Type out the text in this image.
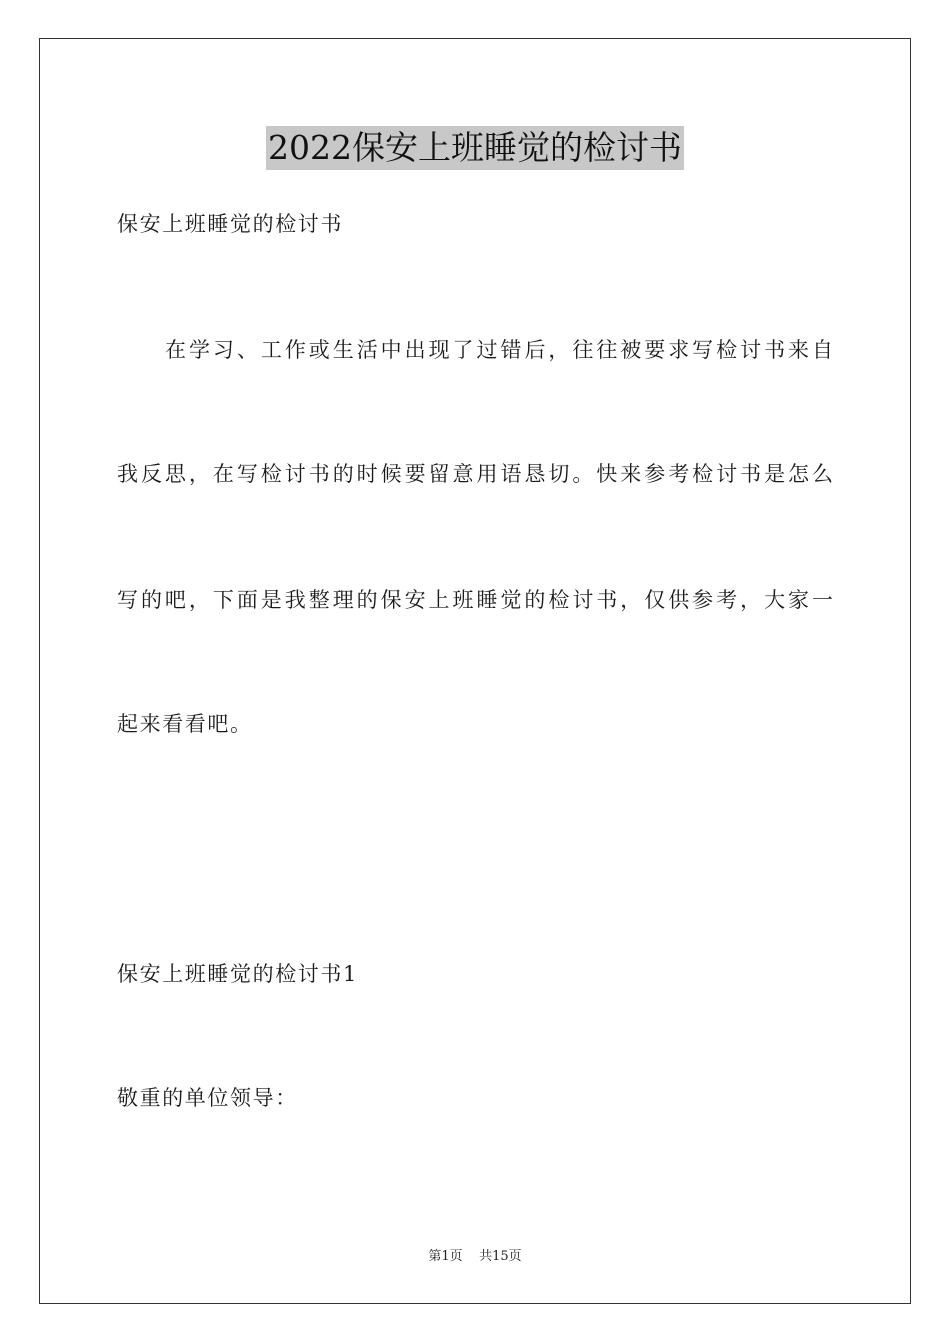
2022保安上班睡觉的检讨书
保安上班睡觉的检讨书
在学习、工作或生活中出现了过错后，往往被要求写检讨书来自
我反思，在写检讨书的时候要留意用语恳切。快来参考检讨书是怎么
写的吧，下面是我整理的保安上班睡觉的检讨书，仅供参考，大家一
起来看看吧。
保安上班睡觉的检讨书1
敬重的单位领导：
第1页 共15页
